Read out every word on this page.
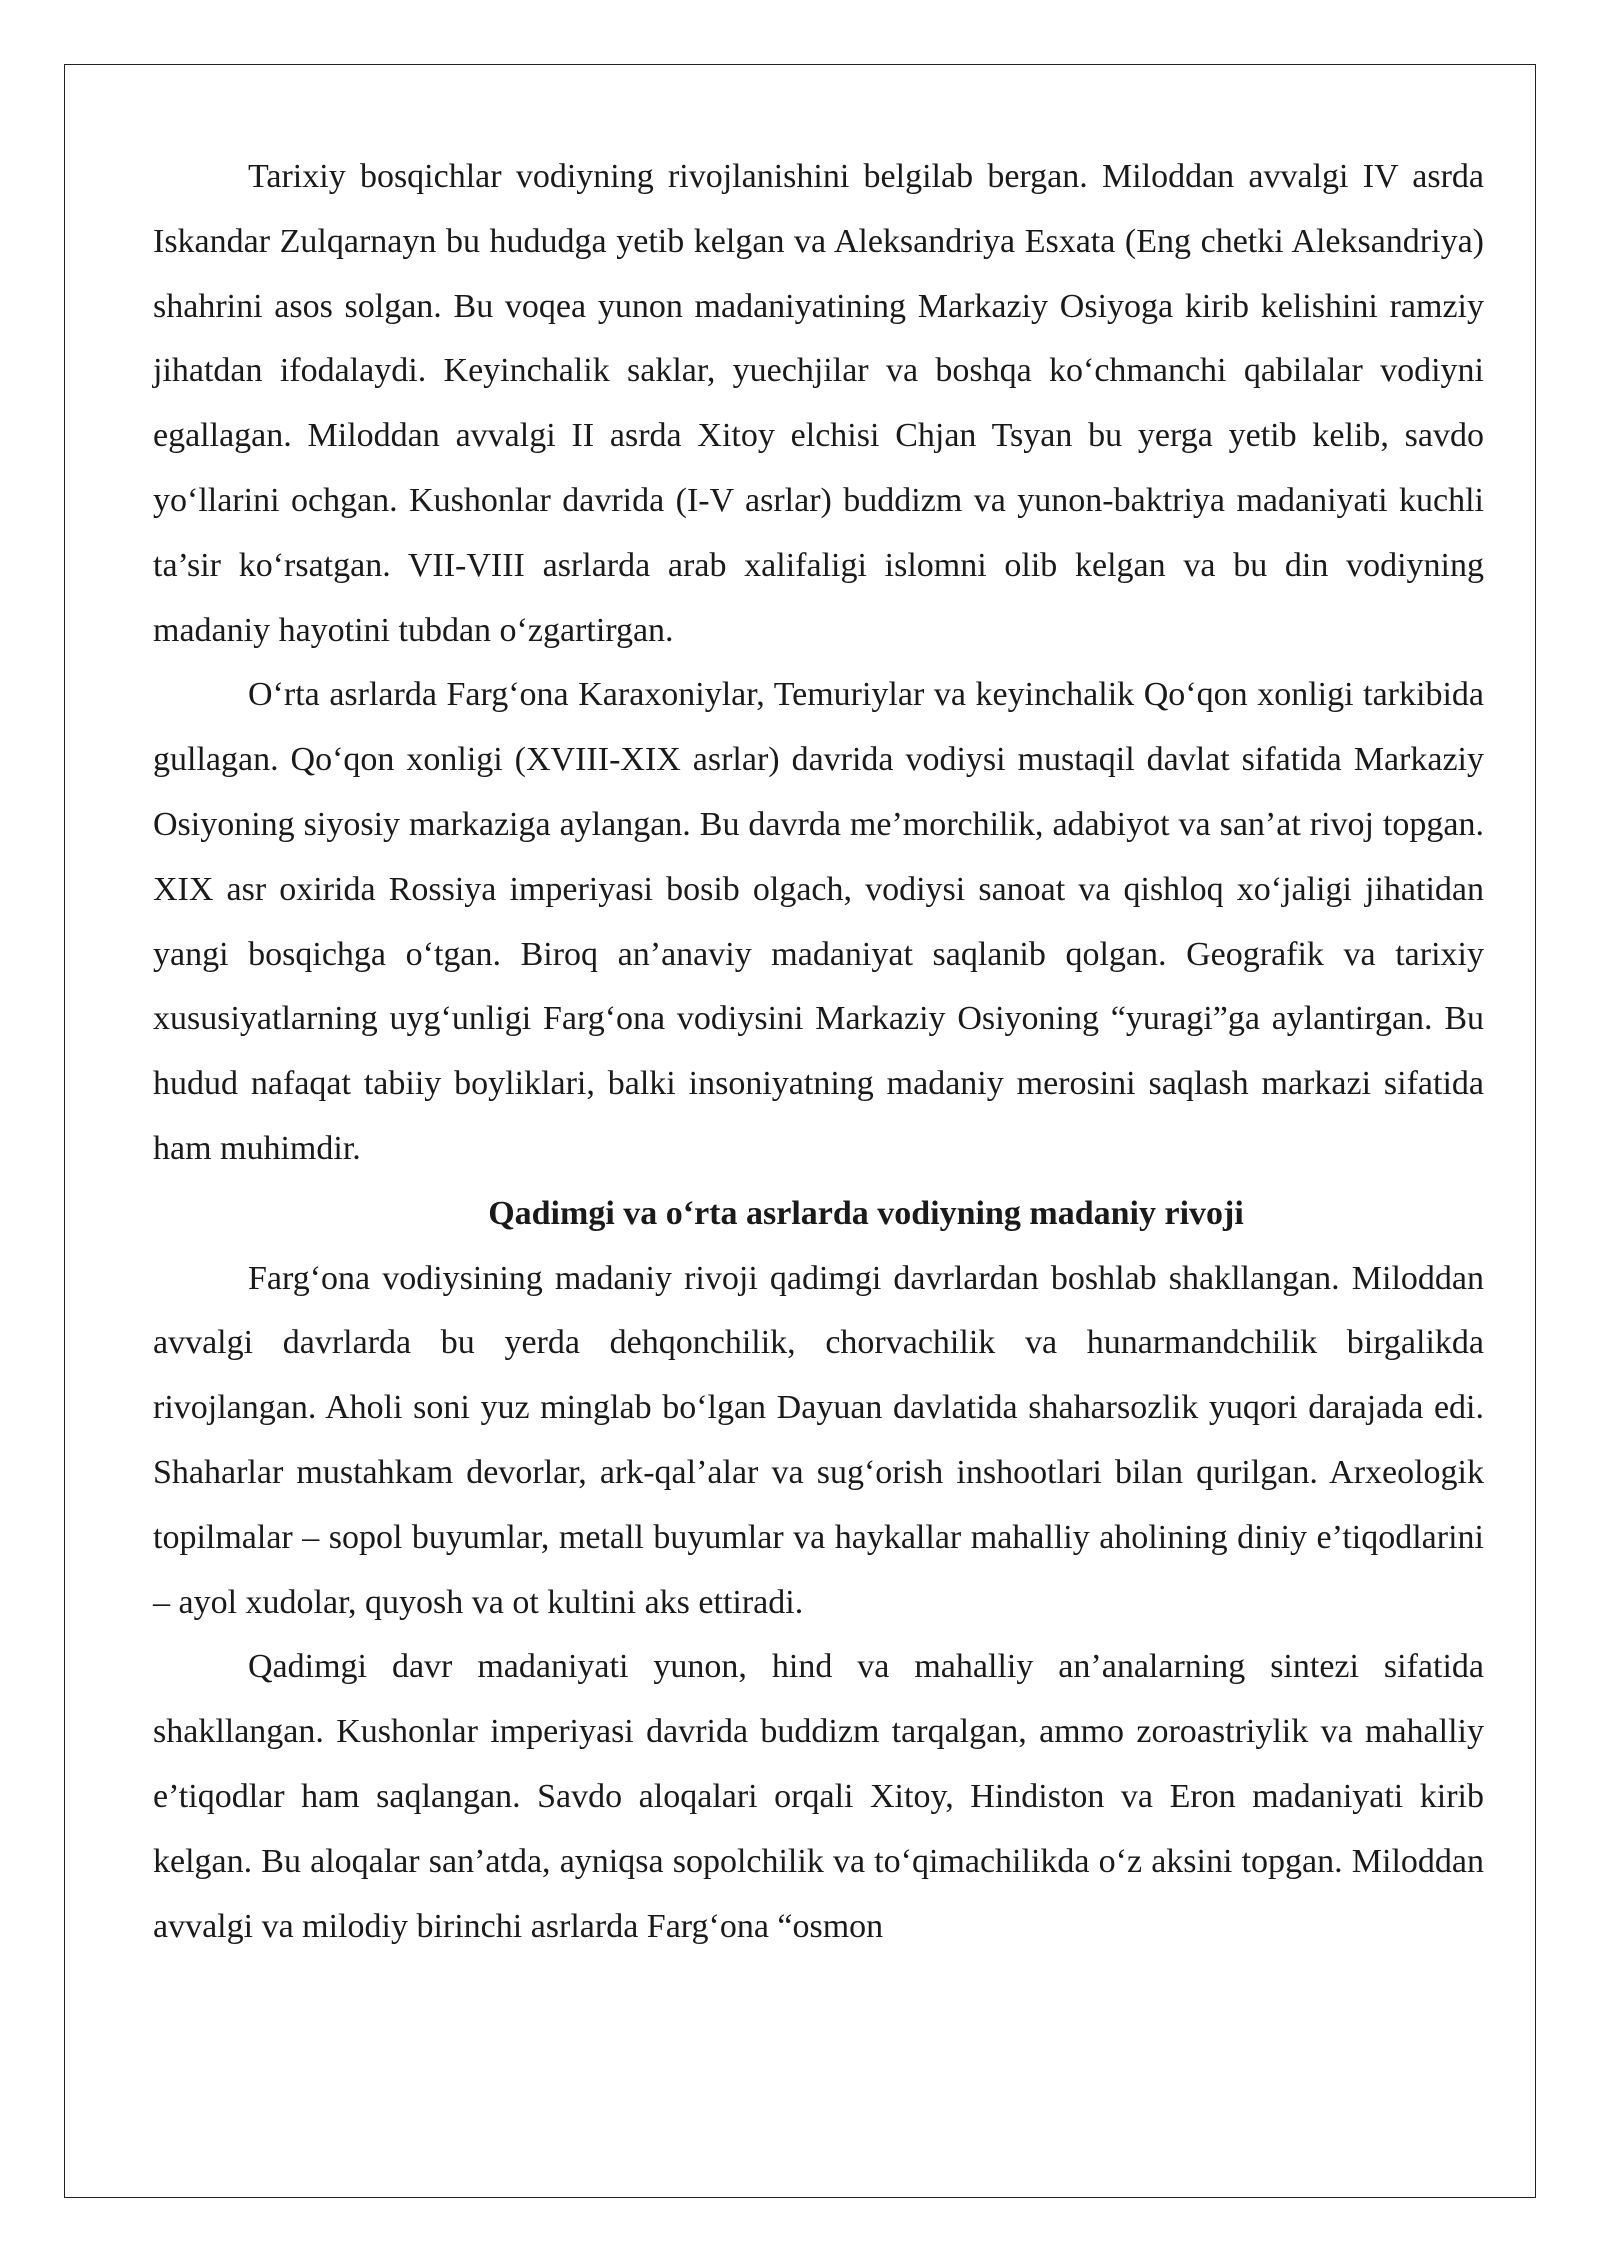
Tarixiy bosqichlar vodiyning rivojlanishini belgilab bergan. Miloddan avvalgi IV asrda Iskandar Zulqarnayn bu hududga yetib kelgan va Aleksandriya Esxata (Eng chetki Aleksandriya) shahrini asos solgan. Bu voqea yunon madaniyatining Markaziy Osiyoga kirib kelishini ramziy jihatdan ifodalaydi. Keyinchalik saklar, yuechjilar va boshqa ko‘chmanchi qabilalar vodiyni egallagan. Miloddan avvalgi II asrda Xitoy elchisi Chjan Tsyan bu yerga yetib kelib, savdo yo‘llarini ochgan. Kushonlar davrida (I-V asrlar) buddizm va yunon-baktriya madaniyati kuchli ta’sir ko‘rsatgan. VII-VIII asrlarda arab xalifaligi islomni olib kelgan va bu din vodiyning madaniy hayotini tubdan o‘zgartirgan.

O‘rta asrlarda Farg‘ona Karaxoniylar, Temuriylar va keyinchalik Qo‘qon xonligi tarkibida gullagan. Qo‘qon xonligi (XVIII-XIX asrlar) davrida vodiysi mustaqil davlat sifatida Markaziy Osiyoning siyosiy markaziga aylangan. Bu davrda me’morchilik, adabiyot va san’at rivoj topgan. XIX asr oxirida Rossiya imperiyasi bosib olgach, vodiysi sanoat va qishloq xo‘jaligi jihatidan yangi bosqichga o‘tgan. Biroq an’anaviy madaniyat saqlanib qolgan. Geografik va tarixiy xususiyatlarning uyg‘unligi Farg‘ona vodiysini Markaziy Osiyoning “yuragi”ga aylantirgan. Bu hudud nafaqat tabiiy boyliklari, balki insoniyatning madaniy merosini saqlash markazi sifatida ham muhimdir.

Qadimgi va o‘rta asrlarda vodiyning madaniy rivoji

Farg‘ona vodiysining madaniy rivoji qadimgi davrlardan boshlab shakllangan. Miloddan avvalgi davrlarda bu yerda dehqonchilik, chorvachilik va hunarmandchilik birgalikda rivojlangan. Aholi soni yuz minglab bo‘lgan Dayuan davlatida shaharsozlik yuqori darajada edi. Shaharlar mustahkam devorlar, ark-qal’alar va sug‘orish inshootlari bilan qurilgan. Arxeologik topilmalar – sopol buyumlar, metall buyumlar va haykallar mahalliy aholining diniy e’tiqodlarini – ayol xudolar, quyosh va ot kultini aks ettiradi.

Qadimgi davr madaniyati yunon, hind va mahalliy an’analarning sintezi sifatida shakllangan. Kushonlar imperiyasi davrida buddizm tarqalgan, ammo zoroastriylik va mahalliy e’tiqodlar ham saqlangan. Savdo aloqalari orqali Xitoy, Hindiston va Eron madaniyati kirib kelgan. Bu aloqalar san’atda, ayniqsa sopolchilik va to‘qimachilikda o‘z aksini topgan. Miloddan avvalgi va milodiy birinchi asrlarda Farg‘ona “osmon
